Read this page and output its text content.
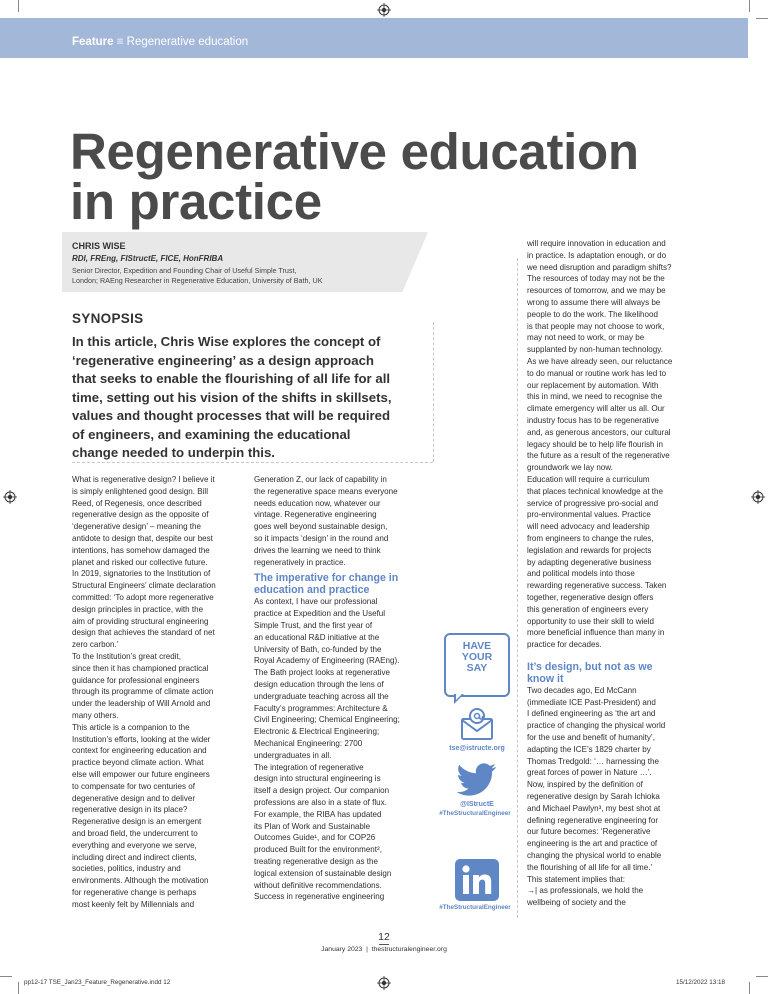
Feature ≡ Regenerative education
Regenerative education
in practice
CHRIS WISE
RDI, FREng, FIStructE, FICE, HonFRIBA
Senior Director, Expedition and Founding Chair of Useful Simple Trust,
London; RAEng Researcher in Regenerative Education, University of Bath, UK
SYNOPSIS
In this article, Chris Wise explores the concept of
‘regenerative engineering’ as a design approach
that seeks to enable the flourishing of all life for all
time, setting out his vision of the shifts in skillsets,
values and thought processes that will be required
of engineers, and examining the educational
change needed to underpin this.
What is regenerative design? I believe it
is simply enlightened good design. Bill
Reed, of Regenesis, once described
regenerative design as the opposite of
‘degenerative design’ – meaning the
antidote to design that, despite our best
intentions, has somehow damaged the
planet and risked our collective future.
In 2019, signatories to the Institution of
Structural Engineers’ climate declaration
committed: ‘To adopt more regenerative
design principles in practice, with the
aim of providing structural engineering
design that achieves the standard of net
zero carbon.’
To the Institution’s great credit,
since then it has championed practical
guidance for professional engineers
through its programme of climate action
under the leadership of Will Arnold and
many others.
This article is a companion to the
Institution’s efforts, looking at the wider
context for engineering education and
practice beyond climate action. What
else will empower our future engineers
to compensate for two centuries of
degenerative design and to deliver
regenerative design in its place?
Regenerative design is an emergent
and broad field, the undercurrent to
everything and everyone we serve,
including direct and indirect clients,
societies, politics, industry and
environments. Although the motivation
for regenerative change is perhaps
most keenly felt by Millennials and
Generation Z, our lack of capability in
the regenerative space means everyone
needs education now, whatever our
vintage. Regenerative engineering
goes well beyond sustainable design,
so it impacts ‘design’ in the round and
drives the learning we need to think
regeneratively in practice.
The imperative for change in
education and practice
As context, I have our professional
practice at Expedition and the Useful
Simple Trust, and the first year of
an educational R&D initiative at the
University of Bath, co-funded by the
Royal Academy of Engineering (RAEng).
The Bath project looks at regenerative
design education through the lens of
undergraduate teaching across all the
Faculty’s programmes: Architecture &
Civil Engineering; Chemical Engineering;
Electronic & Electrical Engineering;
Mechanical Engineering: 2700
undergraduates in all.
The integration of regenerative
design into structural engineering is
itself a design project. Our companion
professions are also in a state of flux.
For example, the RIBA has updated
its Plan of Work and Sustainable
Outcomes Guide¹, and for COP26
produced Built for the environment²,
treating regenerative design as the
logical extension of sustainable design
without definitive recommendations.
Success in regenerative engineering
will require innovation in education and
in practice. Is adaptation enough, or do
we need disruption and paradigm shifts?
The resources of today may not be the
resources of tomorrow, and we may be
wrong to assume there will always be
people to do the work. The likelihood
is that people may not choose to work,
may not need to work, or may be
supplanted by non-human technology.
As we have already seen, our reluctance
to do manual or routine work has led to
our replacement by automation. With
this in mind, we need to recognise the
climate emergency will alter us all. Our
industry focus has to be regenerative
and, as generous ancestors, our cultural
legacy should be to help life flourish in
the future as a result of the regenerative
groundwork we lay now.
Education will require a curriculum
that places technical knowledge at the
service of progressive pro-social and
pro-environmental values. Practice
will need advocacy and leadership
from engineers to change the rules,
legislation and rewards for projects
by adapting degenerative business
and political models into those
rewarding regenerative success. Taken
together, regenerative design offers
this generation of engineers every
opportunity to use their skill to wield
more beneficial influence than many in
practice for decades.
It’s design, but not as we
know it
Two decades ago, Ed McCann
(immediate ICE Past-President) and
I defined engineering as ‘the art and
practice of changing the physical world
for the use and benefit of humanity’,
adapting the ICE’s 1829 charter by
Thomas Tredgold: ‘… harnessing the
great forces of power in Nature …’.
Now, inspired by the definition of
regenerative design by Sarah Ichioka
and Michael Pawlyn³, my best shot at
defining regenerative engineering for
our future becomes: ‘Regenerative
engineering is the art and practice of
changing the physical world to enable
the flourishing of all life for all time.’
This statement implies that:
→| as professionals, we hold the
wellbeing of society and the
HAVE
YOUR
SAY
tse@istructe.org
@IStructE
#TheStructuralEngineer
#TheStructuralEngineer
12
January 2023 | thestructuralengineer.org
pp12-17 TSE_Jan23_Feature_Regenerative.indd 12	15/12/2022 13:18
